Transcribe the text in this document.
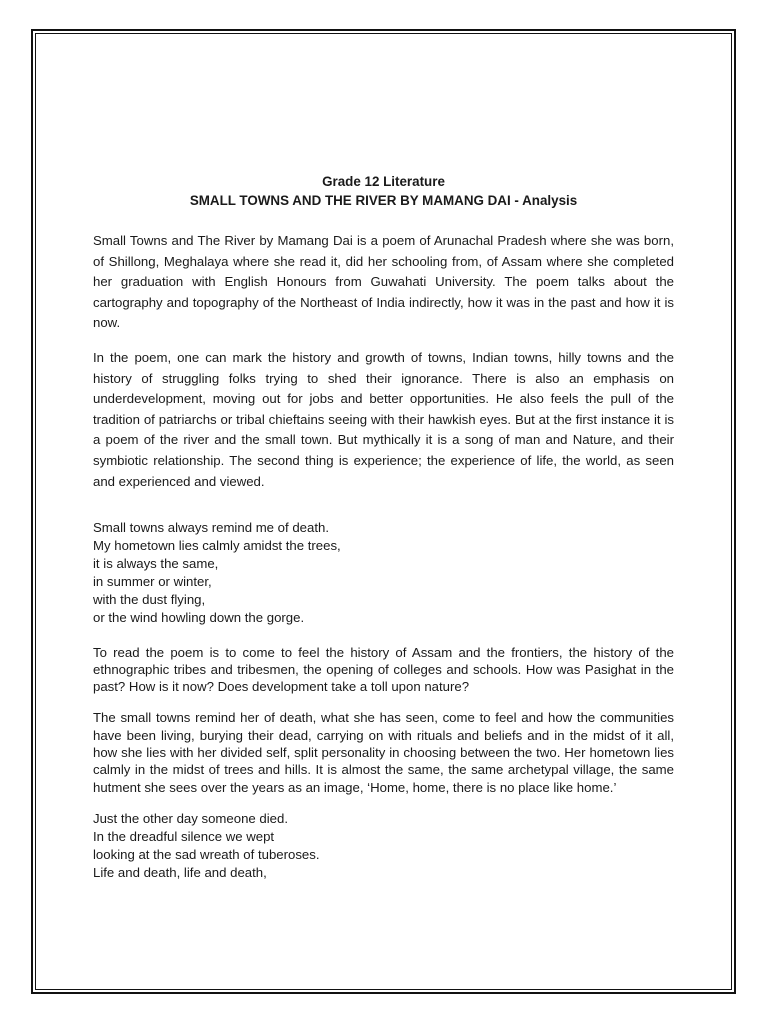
Grade 12 Literature

SMALL TOWNS AND THE RIVER BY MAMANG DAI - Analysis

Small Towns and The River by Mamang Dai is a poem of Arunachal Pradesh where she was born, of Shillong, Meghalaya where she read it, did her schooling from, of Assam where she completed her graduation with English Honours from Guwahati University. The poem talks about the cartography and topography of the Northeast of India indirectly, how it was in the past and how it is now.

In the poem, one can mark the history and growth of towns, Indian towns, hilly towns and the history of struggling folks trying to shed their ignorance. There is also an emphasis on underdevelopment, moving out for jobs and better opportunities. He also feels the pull of the tradition of patriarchs or tribal chieftains seeing with their hawkish eyes. But at the first instance it is a poem of the river and the small town. But mythically it is a song of man and Nature, and their symbiotic relationship. The second thing is experience; the experience of life, the world, as seen and experienced and viewed.

Small towns always remind me of death.
My hometown lies calmly amidst the trees,
it is always the same,
in summer or winter,
with the dust flying,
or the wind howling down the gorge.

To read the poem is to come to feel the history of Assam and the frontiers, the history of the ethnographic tribes and tribesmen, the opening of colleges and schools. How was Pasighat in the past? How is it now? Does development take a toll upon nature?

The small towns remind her of death, what she has seen, come to feel and how the communities have been living, burying their dead, carrying on with rituals and beliefs and in the midst of it all, how she lies with her divided self, split personality in choosing between the two. Her hometown lies calmly in the midst of trees and hills. It is almost the same, the same archetypal village, the same hutment she sees over the years as an image, ‘Home, home, there is no place like home.’

Just the other day someone died.
In the dreadful silence we wept
looking at the sad wreath of tuberoses.
Life and death, life and death,
